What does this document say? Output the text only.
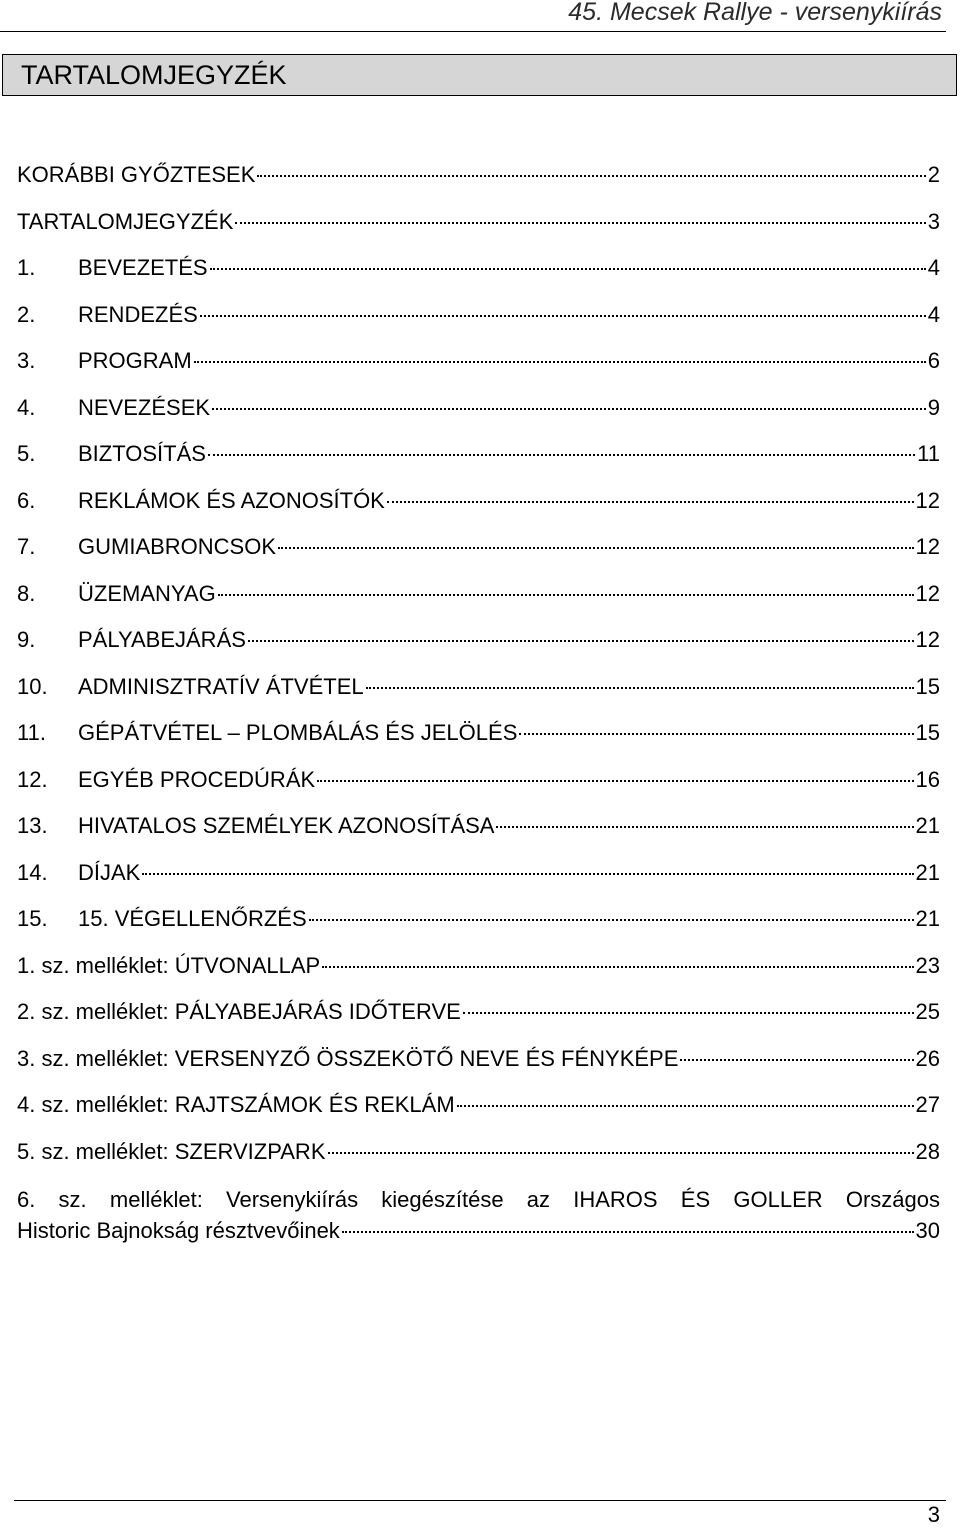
45. Mecsek Rallye - versenykiírás
TARTALOMJEGYZÉK
KORÁBBI GYŐZTESEK	2
TARTALOMJEGYZÉK	3
1.	BEVEZETÉS	4
2.	RENDEZÉS	4
3.	PROGRAM	6
4.	NEVEZÉSEK	9
5.	BIZTOSÍTÁS	11
6.	REKLÁMOK ÉS AZONOSÍTÓK	12
7.	GUMIABRONCSOK	12
8.	ÜZEMANYAG	12
9.	PÁLYABEJÁRÁS	12
10.	ADMINISZTRATÍV ÁTVÉTEL	15
11.	GÉPÁTVÉTEL – PLOMBÁLÁS ÉS JELÖLÉS	15
12.	EGYÉB PROCEDÚRÁK	16
13.	HIVATALOS SZEMÉLYEK AZONOSÍTÁSA	21
14.	DÍJAK	21
15.	15. VÉGELLENŐRZÉS	21
1. sz. melléklet: ÚTVONALLAP	23
2. sz. melléklet: PÁLYABEJÁRÁS IDŐTERVE	25
3. sz. melléklet: VERSENYZŐ ÖSSZEKÖTŐ NEVE ÉS FÉNYKÉPE	26
4. sz. melléklet: RAJTSZÁMOK ÉS REKLÁM	27
5. sz. melléklet: SZERVIZPARK	28
6. sz. melléklet: Versenykiírás kiegészítése az IHAROS ÉS GOLLER Országos
Historic Bajnokság résztvevőinek	30
3
